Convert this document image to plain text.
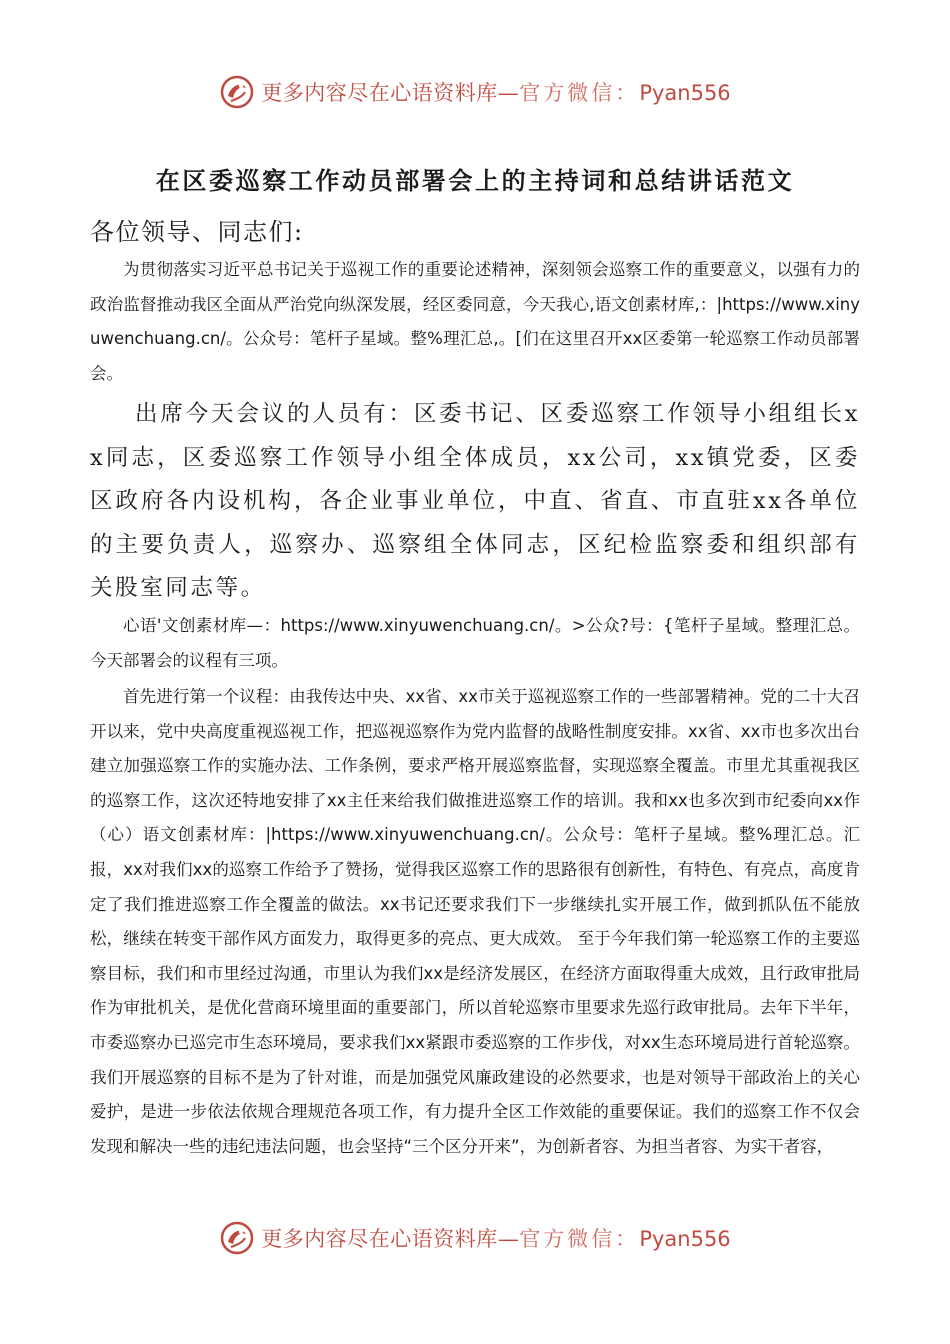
更多内容尽在心语资料库—官方微信：Pyan556
在区委巡察工作动员部署会上的主持词和总结讲话范文

各位领导、同志们:

为贯彻落实习近平总书记关于巡视工作的重要论述精神，深刻领会巡察工作的重要意义，以强有力的政治监督推动我区全面从严治党向纵深发展，经区委同意，今天我心,语文创素材库,：|https://www.xinyuwenchuang.cn/。公众号：笔杆子星域。整%理汇总,。[们在这里召开xx区委第一轮巡察工作动员部署会。

出席今天会议的人员有：区委书记、区委巡察工作领导小组组长xx同志，区委巡察工作领导小组全体成员，xx公司，xx镇党委，区委区政府各内设机构，各企业事业单位，中直、省直、市直驻xx各单位的主要负责人，巡察办、巡察组全体同志，区纪检监察委和组织部有关股室同志等。

心语'文创素材库—：https://www.xinyuwenchuang.cn/。>公众?号：{笔杆子星域。整理汇总。今天部署会的议程有三项。

首先进行第一个议程：由我传达中央、xx省、xx市关于巡视巡察工作的一些部署精神。党的二十大召开以来，党中央高度重视巡视工作，把巡视巡察作为党内监督的战略性制度安排。xx省、xx市也多次出台建立加强巡察工作的实施办法、工作条例，要求严格开展巡察监督，实现巡察全覆盖。市里尤其重视我区的巡察工作，这次还特地安排了xx主任来给我们做推进巡察工作的培训。我和xx也多次到市纪委向xx作（心）语文创素材库：|https://www.xinyuwenchuang.cn/。公众号：笔杆子星域。整%理汇总。汇报，xx对我们xx的巡察工作给予了赞扬，觉得我区巡察工作的思路很有创新性，有特色、有亮点，高度肯定了我们推进巡察工作全覆盖的做法。xx书记还要求我们下一步继续扎实开展工作，做到抓队伍不能放松，继续在转变干部作风方面发力，取得更多的亮点、更大成效。 至于今年我们第一轮巡察工作的主要巡察目标，我们和市里经过沟通，市里认为我们xx是经济发展区，在经济方面取得重大成效，且行政审批局作为审批机关，是优化营商环境里面的重要部门，所以首轮巡察市里要求先巡行政审批局。去年下半年，市委巡察办已巡完市生态环境局，要求我们xx紧跟市委巡察的工作步伐，对xx生态环境局进行首轮巡察。我们开展巡察的目标不是为了针对谁，而是加强党风廉政建设的必然要求，也是对领导干部政治上的关心爱护，是进一步依法依规合理规范各项工作，有力提升全区工作效能的重要保证。我们的巡察工作不仅会发现和解决一些的违纪违法问题，也会坚持“三个区分开来”，为创新者容、为担当者容、为实干者容，

更多内容尽在心语资料库—官方微信：Pyan556
